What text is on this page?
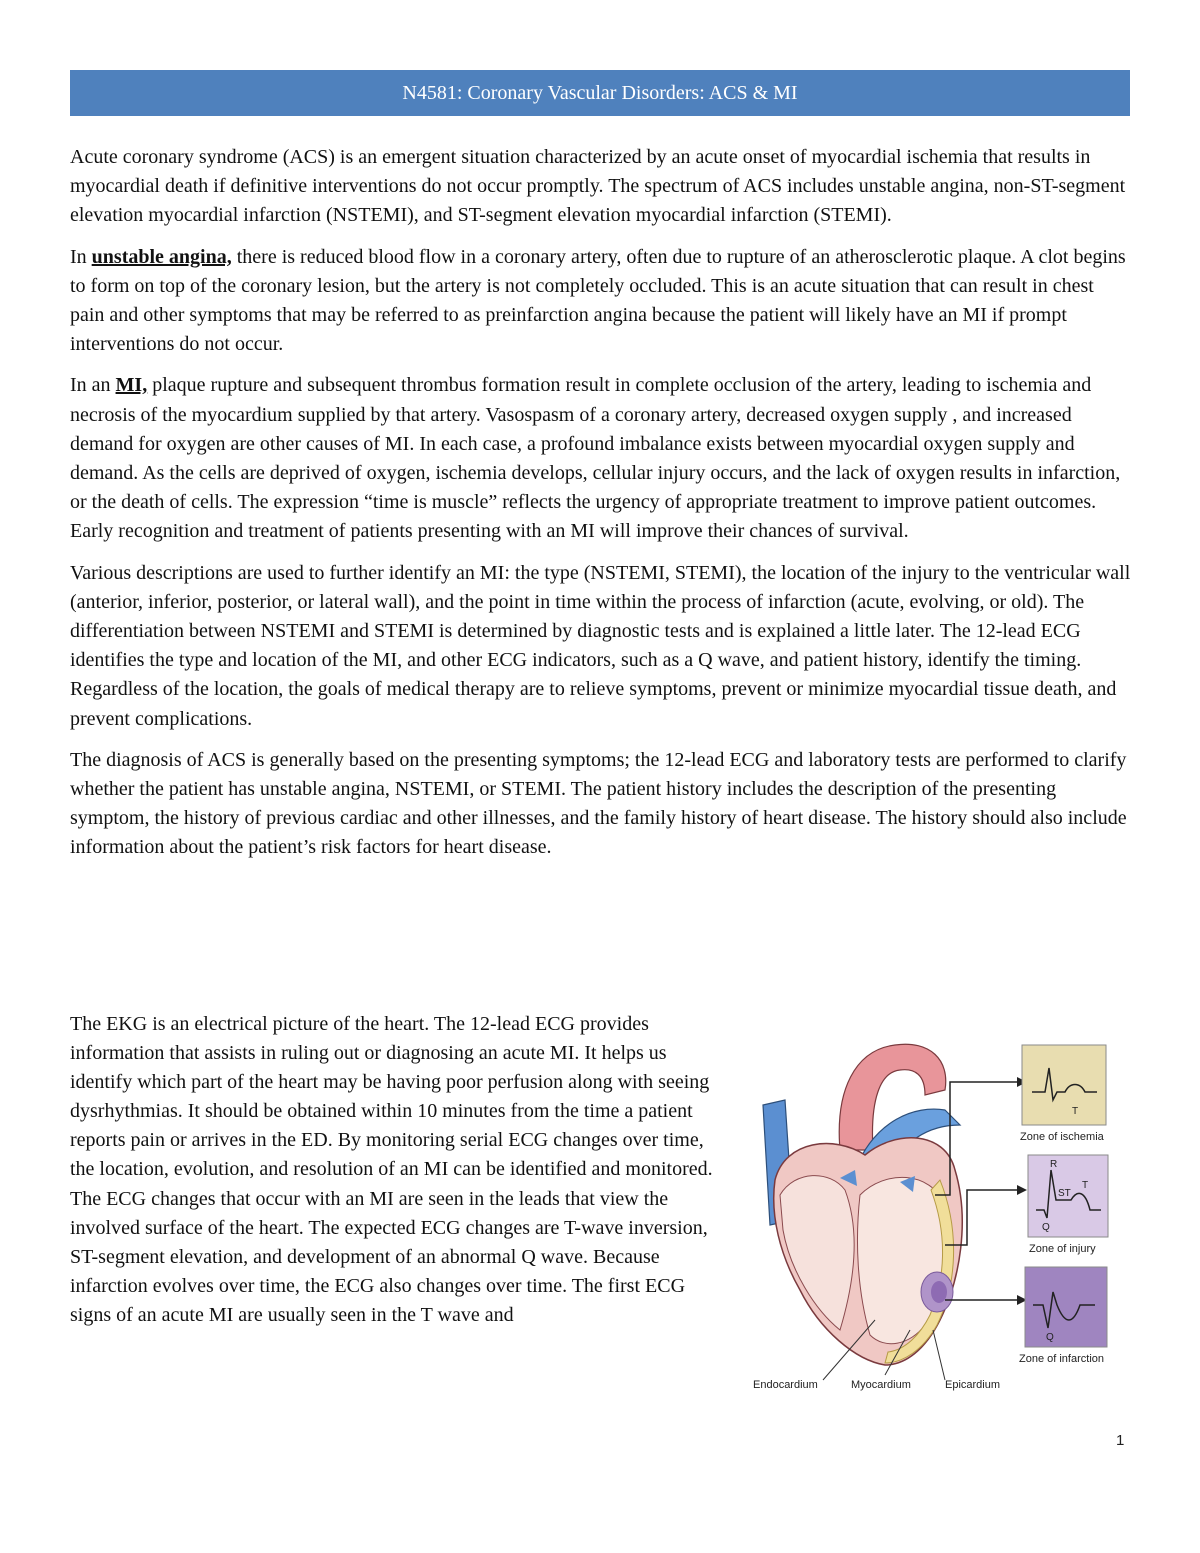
N4581: Coronary Vascular Disorders: ACS & MI

Acute coronary syndrome (ACS) is an emergent situation characterized by an acute onset of myocardial ischemia that results in myocardial death if definitive interventions do not occur promptly. The spectrum of ACS includes unstable angina, non-ST-segment elevation myocardial infarction (NSTEMI), and ST-segment elevation myocardial infarction (STEMI).

In unstable angina, there is reduced blood flow in a coronary artery, often due to rupture of an atherosclerotic plaque. A clot begins to form on top of the coronary lesion, but the artery is not completely occluded. This is an acute situation that can result in chest pain and other symptoms that may be referred to as preinfarction angina because the patient will likely have an MI if prompt interventions do not occur.

In an MI, plaque rupture and subsequent thrombus formation result in complete occlusion of the artery, leading to ischemia and necrosis of the myocardium supplied by that artery. Vasospasm of a coronary artery, decreased oxygen supply , and increased demand for oxygen are other causes of MI. In each case, a profound imbalance exists between myocardial oxygen supply and demand. As the cells are deprived of oxygen, ischemia develops, cellular injury occurs, and the lack of oxygen results in infarction, or the death of cells. The expression “time is muscle” reflects the urgency of appropriate treatment to improve patient outcomes. Early recognition and treatment of patients presenting with an MI will improve their chances of survival.

Various descriptions are used to further identify an MI: the type (NSTEMI, STEMI), the location of the injury to the ventricular wall (anterior, inferior, posterior, or lateral wall), and the point in time within the process of infarction (acute, evolving, or old). The differentiation between NSTEMI and STEMI is determined by diagnostic tests and is explained a little later. The 12-lead ECG identifies the type and location of the MI, and other ECG indicators, such as a Q wave, and patient history, identify the timing. Regardless of the location, the goals of medical therapy are to relieve symptoms, prevent or minimize myocardial tissue death, and prevent complications.

The diagnosis of ACS is generally based on the presenting symptoms; the 12-lead ECG and laboratory tests are performed to clarify whether the patient has unstable angina, NSTEMI, or STEMI. The patient history includes the description of the presenting symptom, the history of previous cardiac and other illnesses, and the family history of heart disease. The history should also include information about the patient’s risk factors for heart disease.

The EKG is an electrical picture of the heart. The 12-lead ECG provides information that assists in ruling out or diagnosing an acute MI. It helps us identify which part of the heart may be having poor perfusion along with seeing dysrhythmias. It should be obtained within 10 minutes from the time a patient reports pain or arrives in the ED. By monitoring serial ECG changes over time, the location, evolution, and resolution of an MI can be identified and monitored. The ECG changes that occur with an MI are seen in the leads that view the involved surface of the heart. The expected ECG changes are T-wave inversion, ST-segment elevation, and development of an abnormal Q wave. Because infarction evolves over time, the ECG also changes over time. The first ECG signs of an acute MI are usually seen in the T wave and

T
R
ST
T
Q
Q
Zone of ischemia
Zone of injury
Zone of infarction
Endocardium	Myocardium	Epicardium
1
